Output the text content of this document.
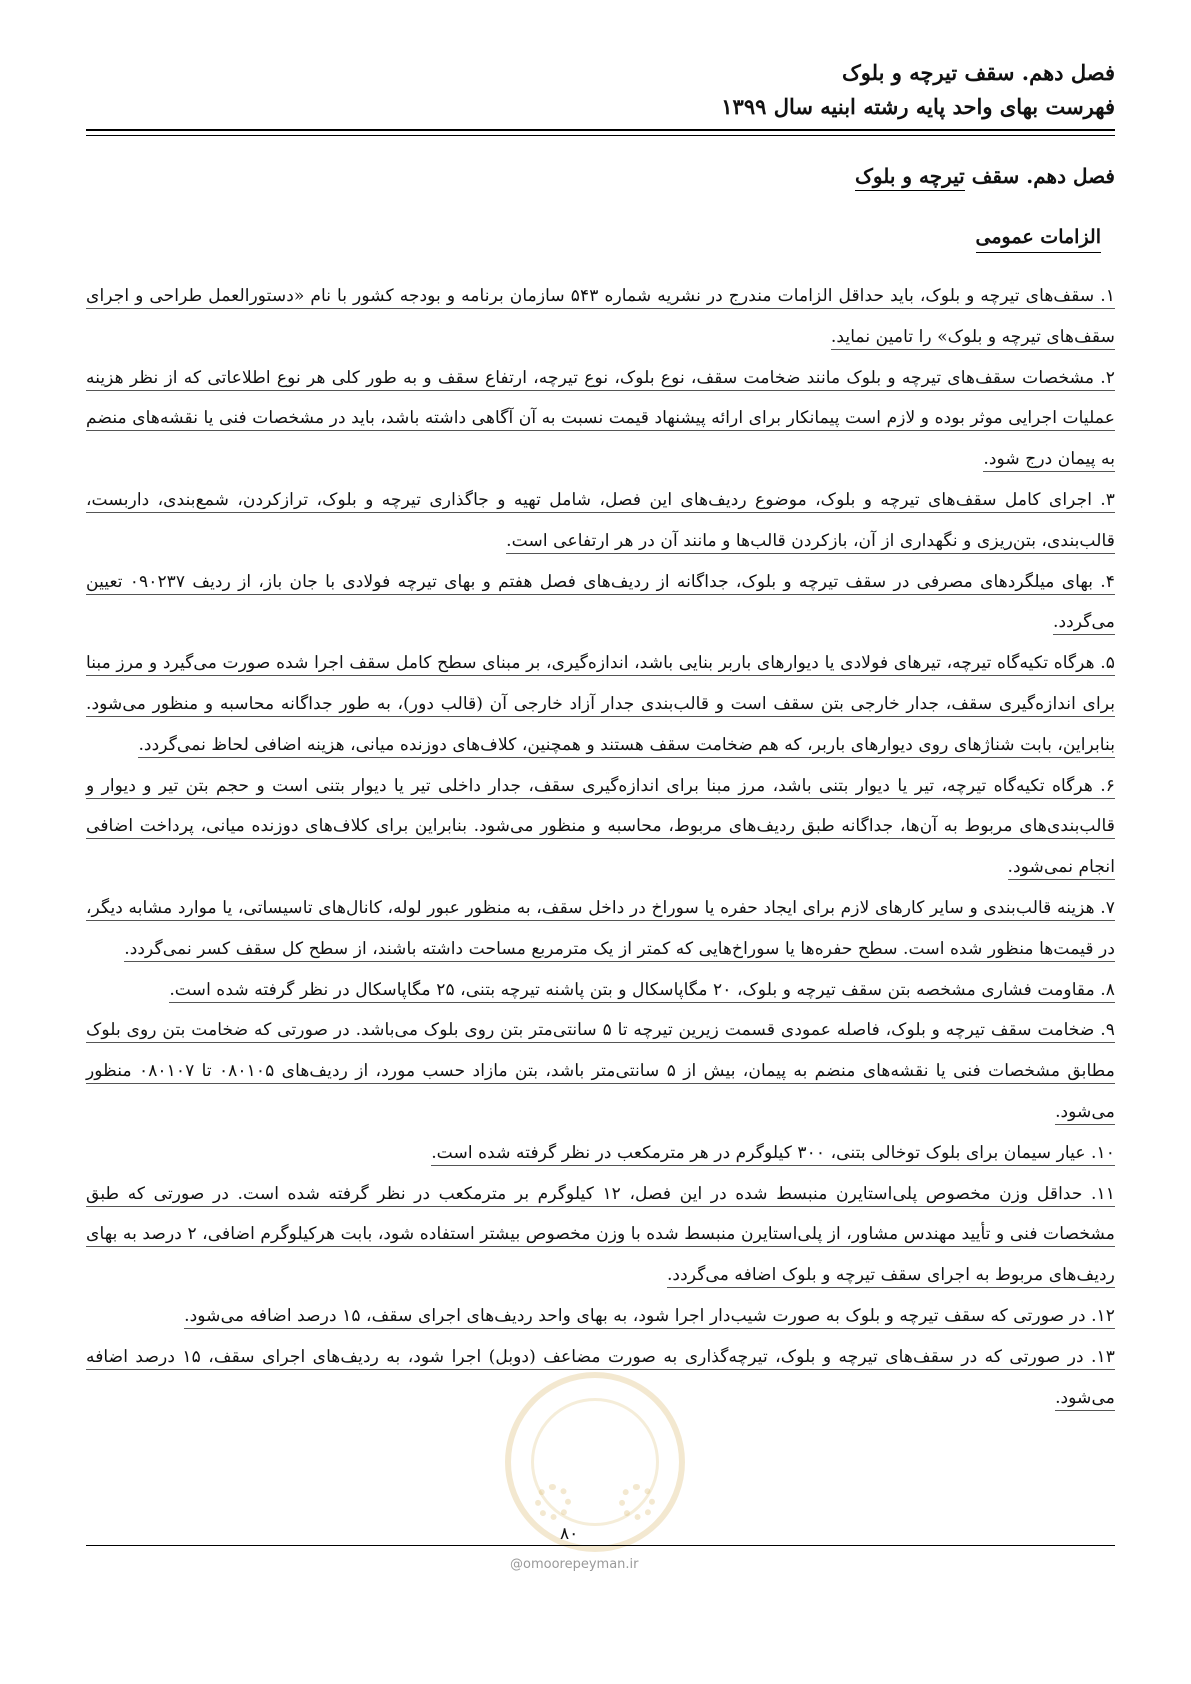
فصل دهم. سقف تیرچه و بلوک
فهرست بهای واحد پایه رشته ابنیه سال ۱۳۹۹
فصل دهم. سقف تیرچه و بلوک
الزامات عمومی
۱. سقف‌های تیرچه و بلوک، باید حداقل الزامات مندرج در نشریه شماره ۵۴۳ سازمان برنامه و بودجه کشور با نام «دستورالعمل طراحی و اجرای سقف‌های تیرچه و بلوک» را تامین نماید.
۲. مشخصات سقف‌های تیرچه و بلوک مانند ضخامت سقف، نوع بلوک، نوع تیرچه، ارتفاع سقف و به طور کلی هر نوع اطلاعاتی که از نظر هزینه عملیات اجرایی موثر بوده و لازم است پیمانکار برای ارائه پیشنهاد قیمت نسبت به آن آگاهی داشته باشد، باید در مشخصات فنی یا نقشه‌های منضم به پیمان درج شود.
۳. اجرای کامل سقف‌های تیرچه و بلوک، موضوع ردیف‌های این فصل، شامل تهیه و جاگذاری تیرچه و بلوک، ترازکردن، شمع‌بندی، داربست، قالب‌بندی، بتن‌ریزی و نگهداری از آن، بازکردن قالب‌ها و مانند آن در هر ارتفاعی است.
۴. بهای میلگردهای مصرفی در سقف تیرچه و بلوک، جداگانه از ردیف‌های فصل هفتم و بهای تیرچه فولادی با جان باز، از ردیف ۰۹۰۲۳۷ تعیین می‌گردد.
۵. هرگاه تکیه‌گاه تیرچه، تیرهای فولادی یا دیوارهای باربر بنایی باشد، اندازه‌گیری، بر مبنای سطح کامل سقف اجرا شده صورت می‌گیرد و مرز مبنا برای اندازه‌گیری سقف، جدار خارجی بتن سقف است و قالب‌بندی جدار آزاد خارجی آن (قالب دور)، به طور جداگانه محاسبه و منظور می‌شود. بنابراین، بابت شناژهای روی دیوارهای باربر، که هم ضخامت سقف هستند و همچنین، کلاف‌های دوزنده میانی، هزینه اضافی لحاظ نمی‌گردد.
۶. هرگاه تکیه‌گاه تیرچه، تیر یا دیوار بتنی باشد، مرز مبنا برای اندازه‌گیری سقف، جدار داخلی تیر یا دیوار بتنی است و حجم بتن تیر و دیوار و قالب‌بندی‌های مربوط به آن‌ها، جداگانه طبق ردیف‌های مربوط، محاسبه و منظور می‌شود. بنابراین برای کلاف‌های دوزنده میانی، پرداخت اضافی انجام نمی‌شود.
۷. هزینه قالب‌بندی و سایر کارهای لازم برای ایجاد حفره یا سوراخ در داخل سقف، به منظور عبور لوله، کانال‌های تاسیساتی، یا موارد مشابه دیگر، در قیمت‌ها منظور شده است. سطح حفره‌ها یا سوراخ‌هایی که کمتر از یک مترمربع مساحت داشته باشند، از سطح کل سقف کسر نمی‌گردد.
۸. مقاومت فشاری مشخصه بتن سقف تیرچه و بلوک، ۲۰ مگاپاسکال و بتن پاشنه تیرچه بتنی، ۲۵ مگاپاسکال در نظر گرفته شده است.
۹. ضخامت سقف تیرچه و بلوک، فاصله عمودی قسمت زیرین تیرچه تا ۵ سانتی‌متر بتن روی بلوک می‌باشد. در صورتی که ضخامت بتن روی بلوک مطابق مشخصات فنی یا نقشه‌های منضم به پیمان، بیش از ۵ سانتی‌متر باشد، بتن مازاد حسب مورد، از ردیف‌های ۰۸۰۱۰۵ تا ۰۸۰۱۰۷ منظور می‌شود.
۱۰. عیار سیمان برای بلوک توخالی بتنی، ۳۰۰ کیلوگرم در هر مترمکعب در نظر گرفته شده است.
۱۱. حداقل وزن مخصوص پلی‌استایرن منبسط شده در این فصل، ۱۲ کیلوگرم بر مترمکعب در نظر گرفته شده است. در صورتی که طبق مشخصات فنی و تأیید مهندس مشاور، از پلی‌استایرن منبسط شده با وزن مخصوص بیشتر استفاده شود، بابت هرکیلوگرم اضافی، ۲ درصد به بهای ردیف‌های مربوط به اجرای سقف تیرچه و بلوک اضافه می‌گردد.
۱۲. در صورتی که سقف تیرچه و بلوک به صورت شیب‌دار اجرا شود، به بهای واحد ردیف‌های اجرای سقف، ۱۵ درصد اضافه می‌شود.
۱۳. در صورتی که در سقف‌های تیرچه و بلوک، تیرچه‌گذاری به صورت مضاعف (دوبل) اجرا شود، به ردیف‌های اجرای سقف، ۱۵ درصد اضافه می‌شود.
۸۰
@omoorepeyman.ir
